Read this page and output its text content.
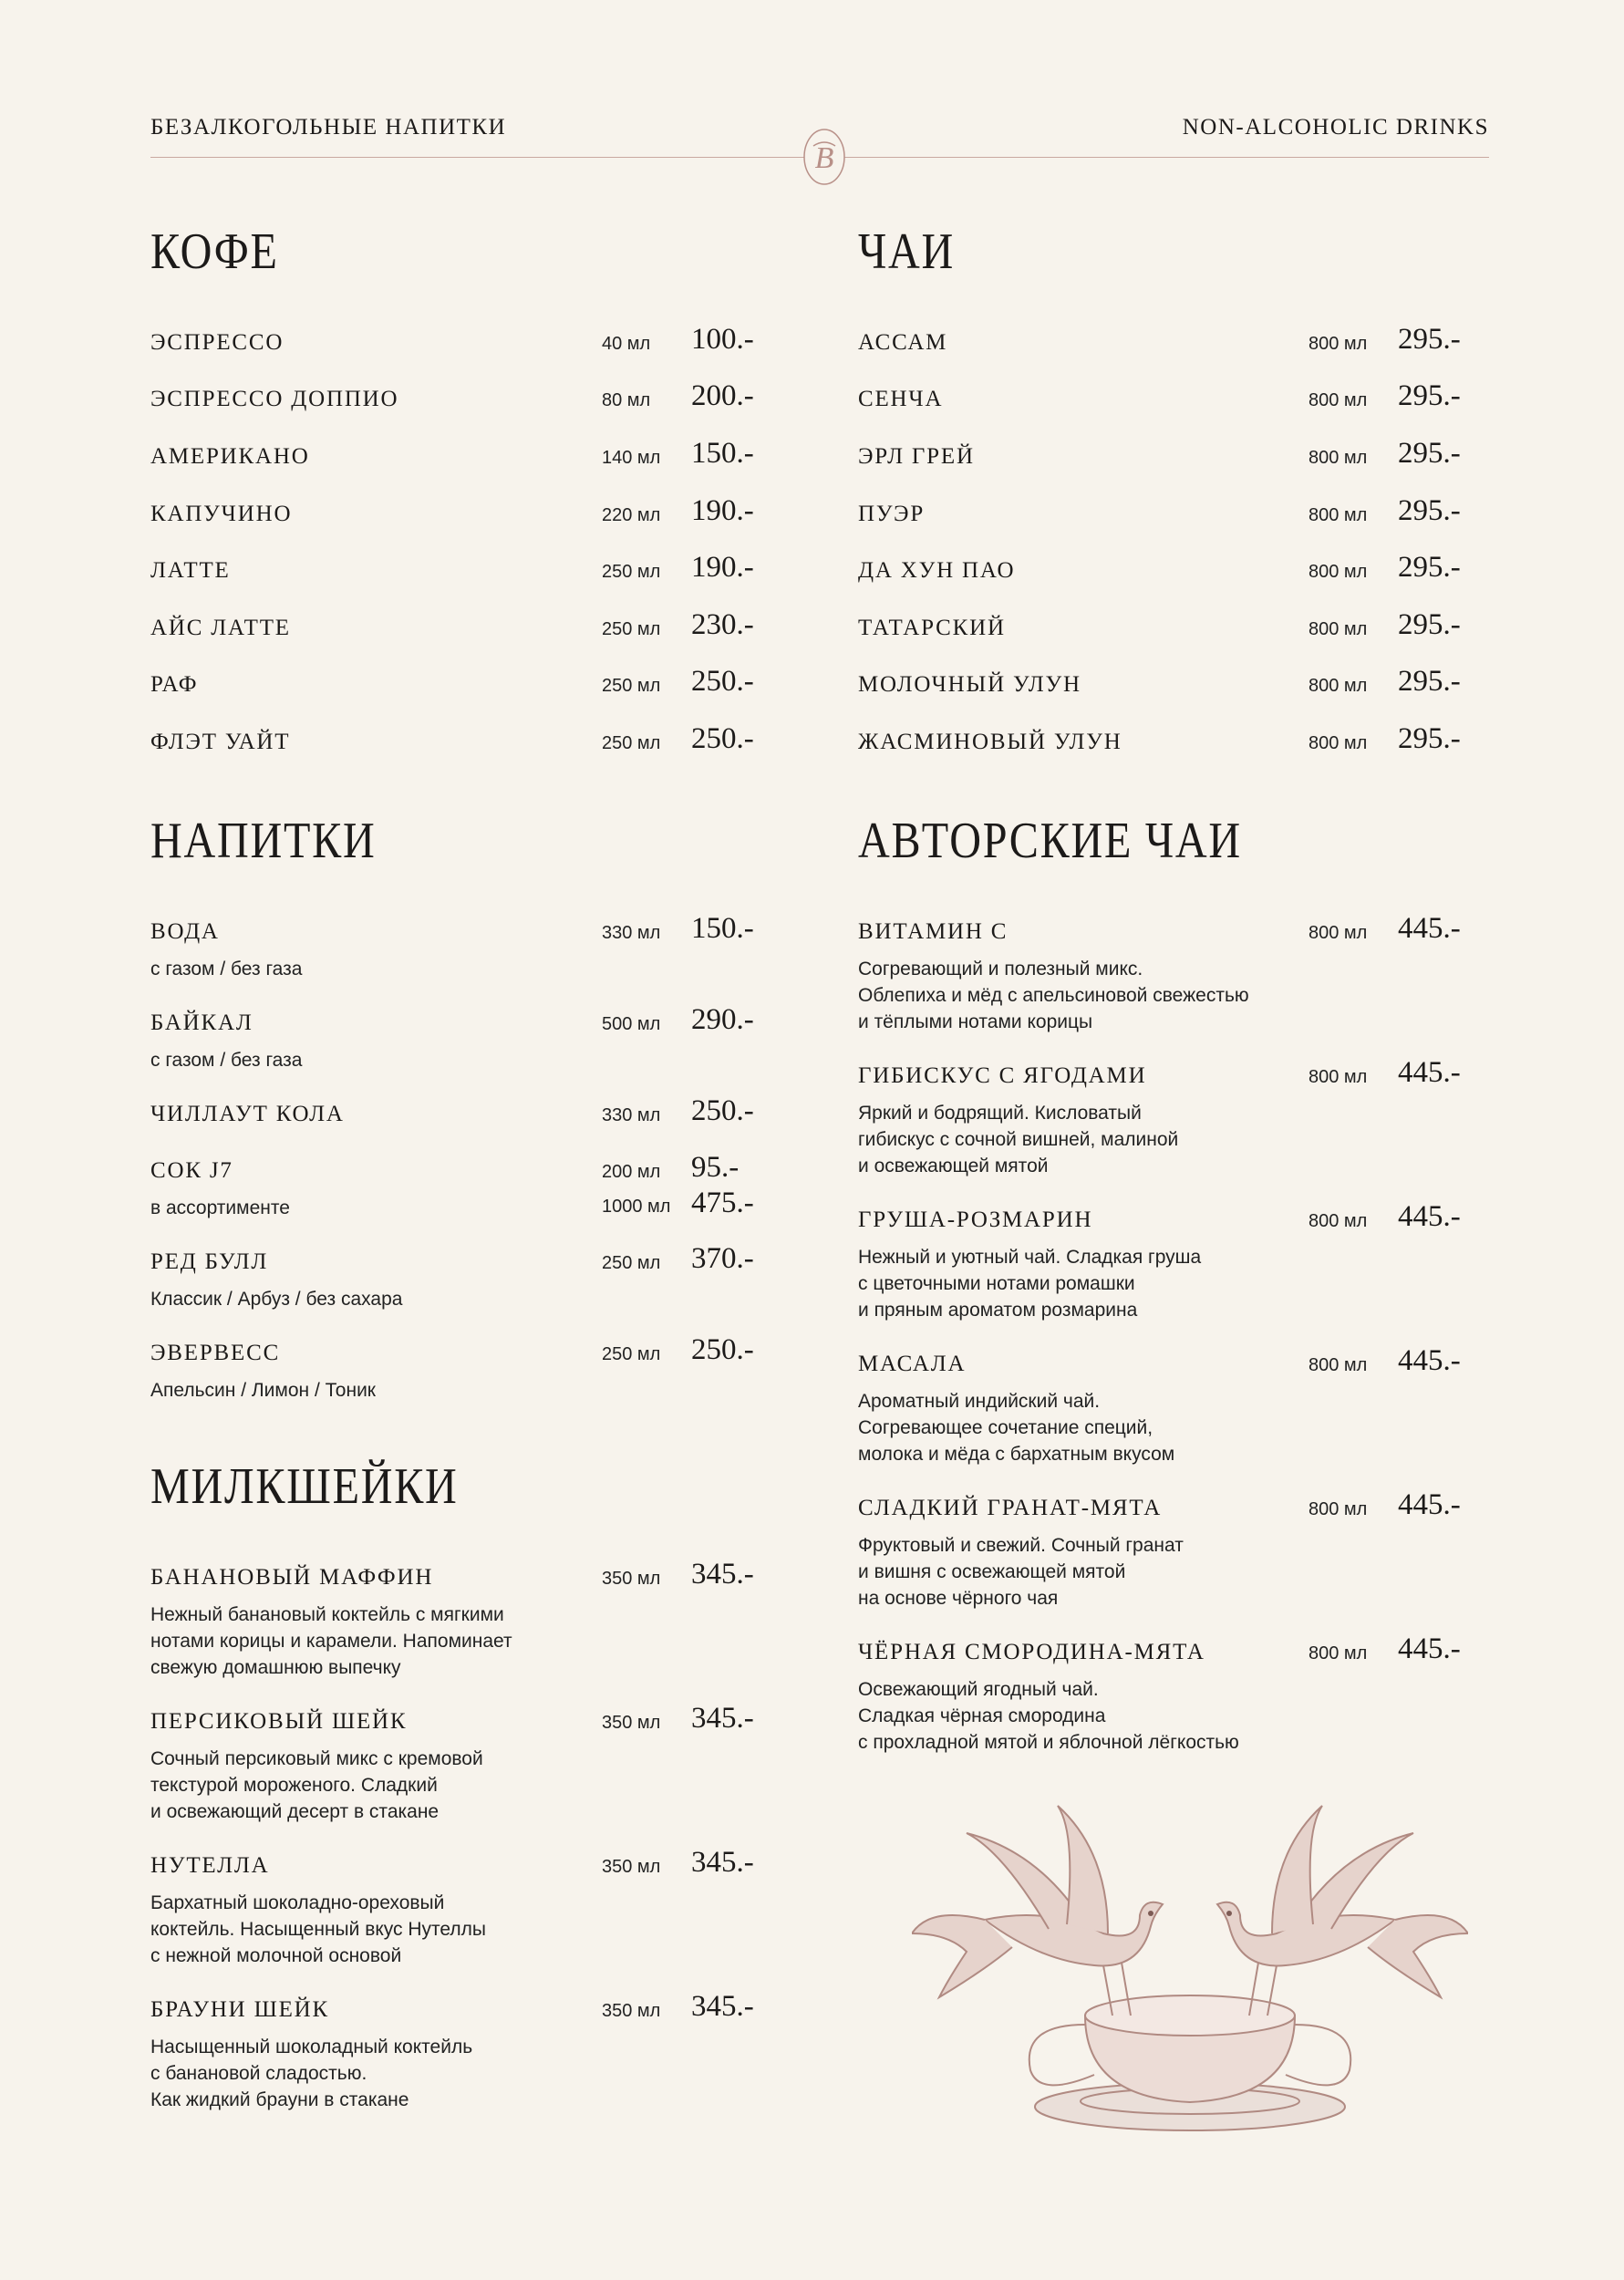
БЕЗАЛКОГОЛЬНЫЕ НАПИТКИ	NON-ALCOHOLIC DRINKS
B
КОФЕ
ЭСПРЕССО	40 мл 100.-
ЭСПРЕССО ДОППИО	80 мл 200.-
АМЕРИКАНО	140 мл 150.-
КАПУЧИНО	220 мл 190.-
ЛАТТЕ	250 мл 190.-
АЙС ЛАТТЕ	250 мл 230.-
РАФ	250 мл 250.-
ФЛЭТ УАЙТ	250 мл 250.-
НАПИТКИ
ВОДА	330 мл 150.-
с газом / без газа
БАЙКАЛ	500 мл 290.-
с газом / без газа
ЧИЛЛАУТ КОЛА	330 мл 250.-
СОК J7	200 мл 95.-
в ассортименте	1000 мл 475.-
РЕД БУЛЛ	250 мл 370.-
Классик / Арбуз / без сахара
ЭВЕРВЕСС	250 мл 250.-
Апельсин / Лимон / Тоник
МИЛКШЕЙКИ
БАНАНОВЫЙ МАФФИН	350 мл 345.-
Нежный банановый коктейль с мягкими
нотами корицы и карамели. Напоминает
свежую домашнюю выпечку
ПЕРСИКОВЫЙ ШЕЙК	350 мл 345.-
Сочный персиковый микс с кремовой
текстурой мороженого. Сладкий
и освежающий десерт в стакане
НУТЕЛЛА	350 мл 345.-
Бархатный шоколадно-ореховый
коктейль. Насыщенный вкус Нутеллы
с нежной молочной основой
БРАУНИ ШЕЙК	350 мл 345.-
Насыщенный шоколадный коктейль
с банановой сладостью.
Как жидкий брауни в стакане
ЧАИ
АССАМ	800 мл 295.-
СЕНЧА	800 мл 295.-
ЭРЛ ГРЕЙ	800 мл 295.-
ПУЭР	800 мл 295.-
ДА ХУН ПАО	800 мл 295.-
ТАТАРСКИЙ	800 мл 295.-
МОЛОЧНЫЙ УЛУН	800 мл 295.-
ЖАСМИНОВЫЙ УЛУН	800 мл 295.-
АВТОРСКИЕ ЧАИ
ВИТАМИН С	800 мл 445.-
Согревающий и полезный микс.
Облепиха и мёд с апельсиновой свежестью
и тёплыми нотами корицы
ГИБИСКУС С ЯГОДАМИ	800 мл 445.-
Яркий и бодрящий. Кисловатый
гибискус с сочной вишней, малиной
и освежающей мятой
ГРУША-РОЗМАРИН	800 мл 445.-
Нежный и уютный чай. Сладкая груша
с цветочными нотами ромашки
и пряным ароматом розмарина
МАСАЛА	800 мл 445.-
Ароматный индийский чай.
Согревающее сочетание специй,
молока и мёда с бархатным вкусом
СЛАДКИЙ ГРАНАТ-МЯТА	800 мл 445.-
Фруктовый и свежий. Сочный гранат
и вишня с освежающей мятой
на основе чёрного чая
ЧЁРНАЯ СМОРОДИНА-МЯТА	800 мл 445.-
Освежающий ягодный чай.
Сладкая чёрная смородина
с прохладной мятой и яблочной лёгкостью
